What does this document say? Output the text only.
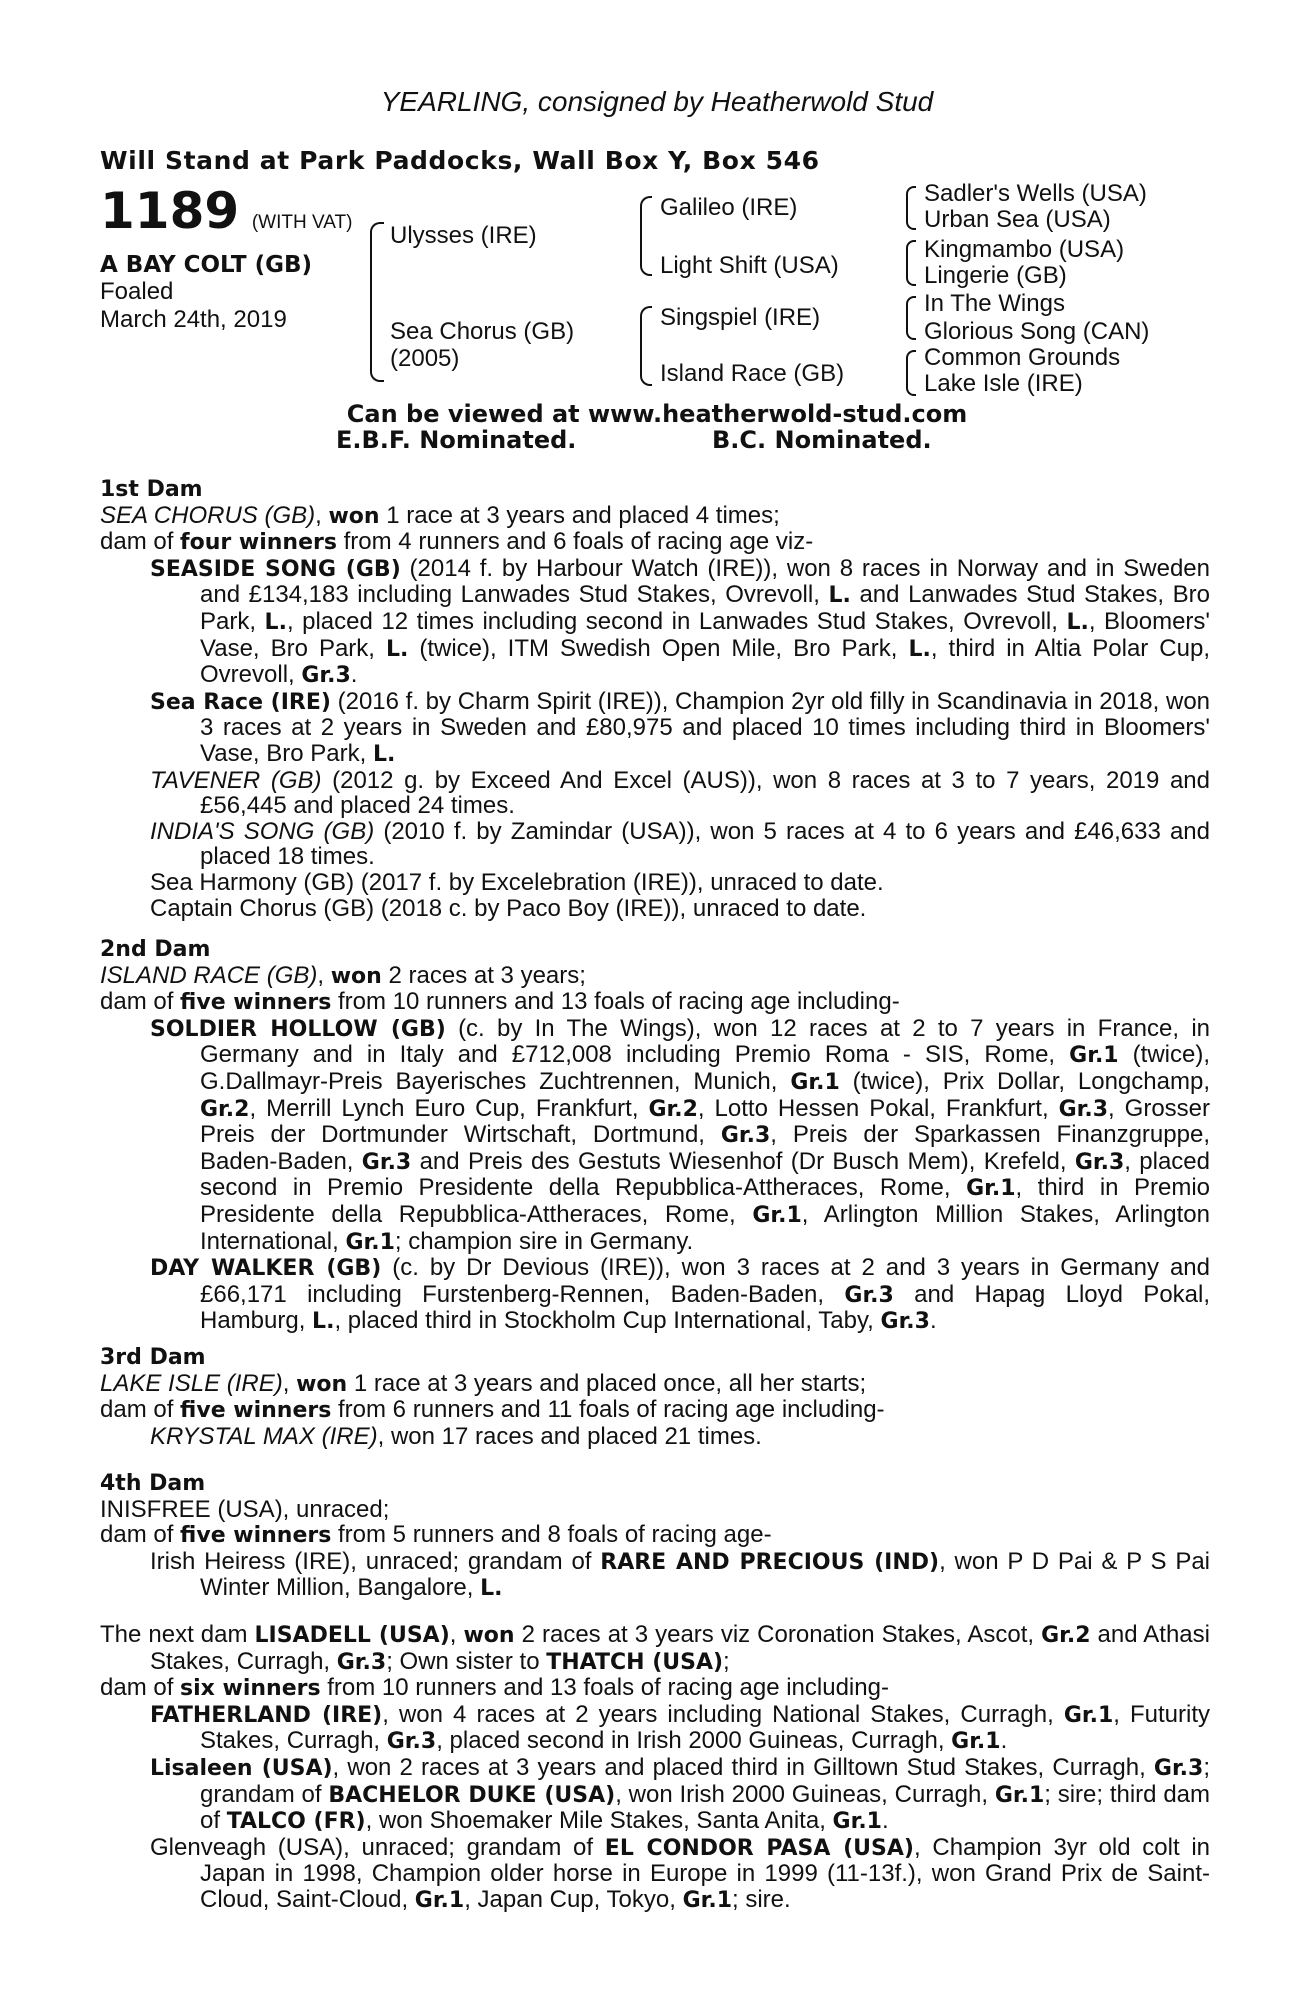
YEARLING, consigned by Heatherwold Stud
Will Stand at Park Paddocks, Wall Box Y, Box 546
1189 (WITH VAT)
A BAY COLT (GB)
Foaled
March 24th, 2019
Ulysses (IRE)
Sea Chorus (GB)
(2005)
Galileo (IRE)
Light Shift (USA)
Singspiel (IRE)
Island Race (GB)
Sadler's Wells (USA)
Urban Sea (USA)
Kingmambo (USA)
Lingerie (GB)
In The Wings
Glorious Song (CAN)
Common Grounds
Lake Isle (IRE)
Can be viewed at www.heatherwold-stud.com
E.B.F. Nominated.	B.C. Nominated.

1st Dam

SEA CHORUS (GB), won 1 race at 3 years and placed 4 times;

dam of four winners from 4 runners and 6 foals of racing age viz-

SEASIDE SONG (GB) (2014 f. by Harbour Watch (IRE)), won 8 races in Norway and in Sweden and £134,183 including Lanwades Stud Stakes, Ovrevoll, L. and Lanwades Stud Stakes, Bro Park, L., placed 12 times including second in Lanwades Stud Stakes, Ovrevoll, L., Bloomers' Vase, Bro Park, L. (twice), ITM Swedish Open Mile, Bro Park, L., third in Altia Polar Cup, Ovrevoll, Gr.3.

Sea Race (IRE) (2016 f. by Charm Spirit (IRE)), Champion 2yr old filly in Scandinavia in 2018, won 3 races at 2 years in Sweden and £80,975 and placed 10 times including third in Bloomers' Vase, Bro Park, L.

TAVENER (GB) (2012 g. by Exceed And Excel (AUS)), won 8 races at 3 to 7 years, 2019 and £56,445 and placed 24 times.

INDIA'S SONG (GB) (2010 f. by Zamindar (USA)), won 5 races at 4 to 6 years and £46,633 and placed 18 times.

Sea Harmony (GB) (2017 f. by Excelebration (IRE)), unraced to date.

Captain Chorus (GB) (2018 c. by Paco Boy (IRE)), unraced to date.

2nd Dam

ISLAND RACE (GB), won 2 races at 3 years;

dam of five winners from 10 runners and 13 foals of racing age including-

SOLDIER HOLLOW (GB) (c. by In The Wings), won 12 races at 2 to 7 years in France, in Germany and in Italy and £712,008 including Premio Roma - SIS, Rome, Gr.1 (twice), G.Dallmayr-Preis Bayerisches Zuchtrennen, Munich, Gr.1 (twice), Prix Dollar, Longchamp, Gr.2, Merrill Lynch Euro Cup, Frankfurt, Gr.2, Lotto Hessen Pokal, Frankfurt, Gr.3, Grosser Preis der Dortmunder Wirtschaft, Dortmund, Gr.3, Preis der Sparkassen Finanzgruppe, Baden-Baden, Gr.3 and Preis des Gestuts Wiesenhof (Dr Busch Mem), Krefeld, Gr.3, placed second in Premio Presidente della Repubblica-Attheraces, Rome, Gr.1, third in Premio Presidente della Repubblica-Attheraces, Rome, Gr.1, Arlington Million Stakes, Arlington International, Gr.1; champion sire in Germany.

DAY WALKER (GB) (c. by Dr Devious (IRE)), won 3 races at 2 and 3 years in Germany and £66,171 including Furstenberg-Rennen, Baden-Baden, Gr.3 and Hapag Lloyd Pokal, Hamburg, L., placed third in Stockholm Cup International, Taby, Gr.3.

3rd Dam

LAKE ISLE (IRE), won 1 race at 3 years and placed once, all her starts;

dam of five winners from 6 runners and 11 foals of racing age including-

KRYSTAL MAX (IRE), won 17 races and placed 21 times.

4th Dam

INISFREE (USA), unraced;

dam of five winners from 5 runners and 8 foals of racing age-

Irish Heiress (IRE), unraced; grandam of RARE AND PRECIOUS (IND), won P D Pai & P S Pai Winter Million, Bangalore, L.

The next dam LISADELL (USA), won 2 races at 3 years viz Coronation Stakes, Ascot, Gr.2 and Athasi Stakes, Curragh, Gr.3; Own sister to THATCH (USA);

dam of six winners from 10 runners and 13 foals of racing age including-

FATHERLAND (IRE), won 4 races at 2 years including National Stakes, Curragh, Gr.1, Futurity Stakes, Curragh, Gr.3, placed second in Irish 2000 Guineas, Curragh, Gr.1.

Lisaleen (USA), won 2 races at 3 years and placed third in Gilltown Stud Stakes, Curragh, Gr.3; grandam of BACHELOR DUKE (USA), won Irish 2000 Guineas, Curragh, Gr.1; sire; third dam of TALCO (FR), won Shoemaker Mile Stakes, Santa Anita, Gr.1.

Glenveagh (USA), unraced; grandam of EL CONDOR PASA (USA), Champion 3yr old colt in Japan in 1998, Champion older horse in Europe in 1999 (11-13f.), won Grand Prix de Saint-Cloud, Saint-Cloud, Gr.1, Japan Cup, Tokyo, Gr.1; sire.
